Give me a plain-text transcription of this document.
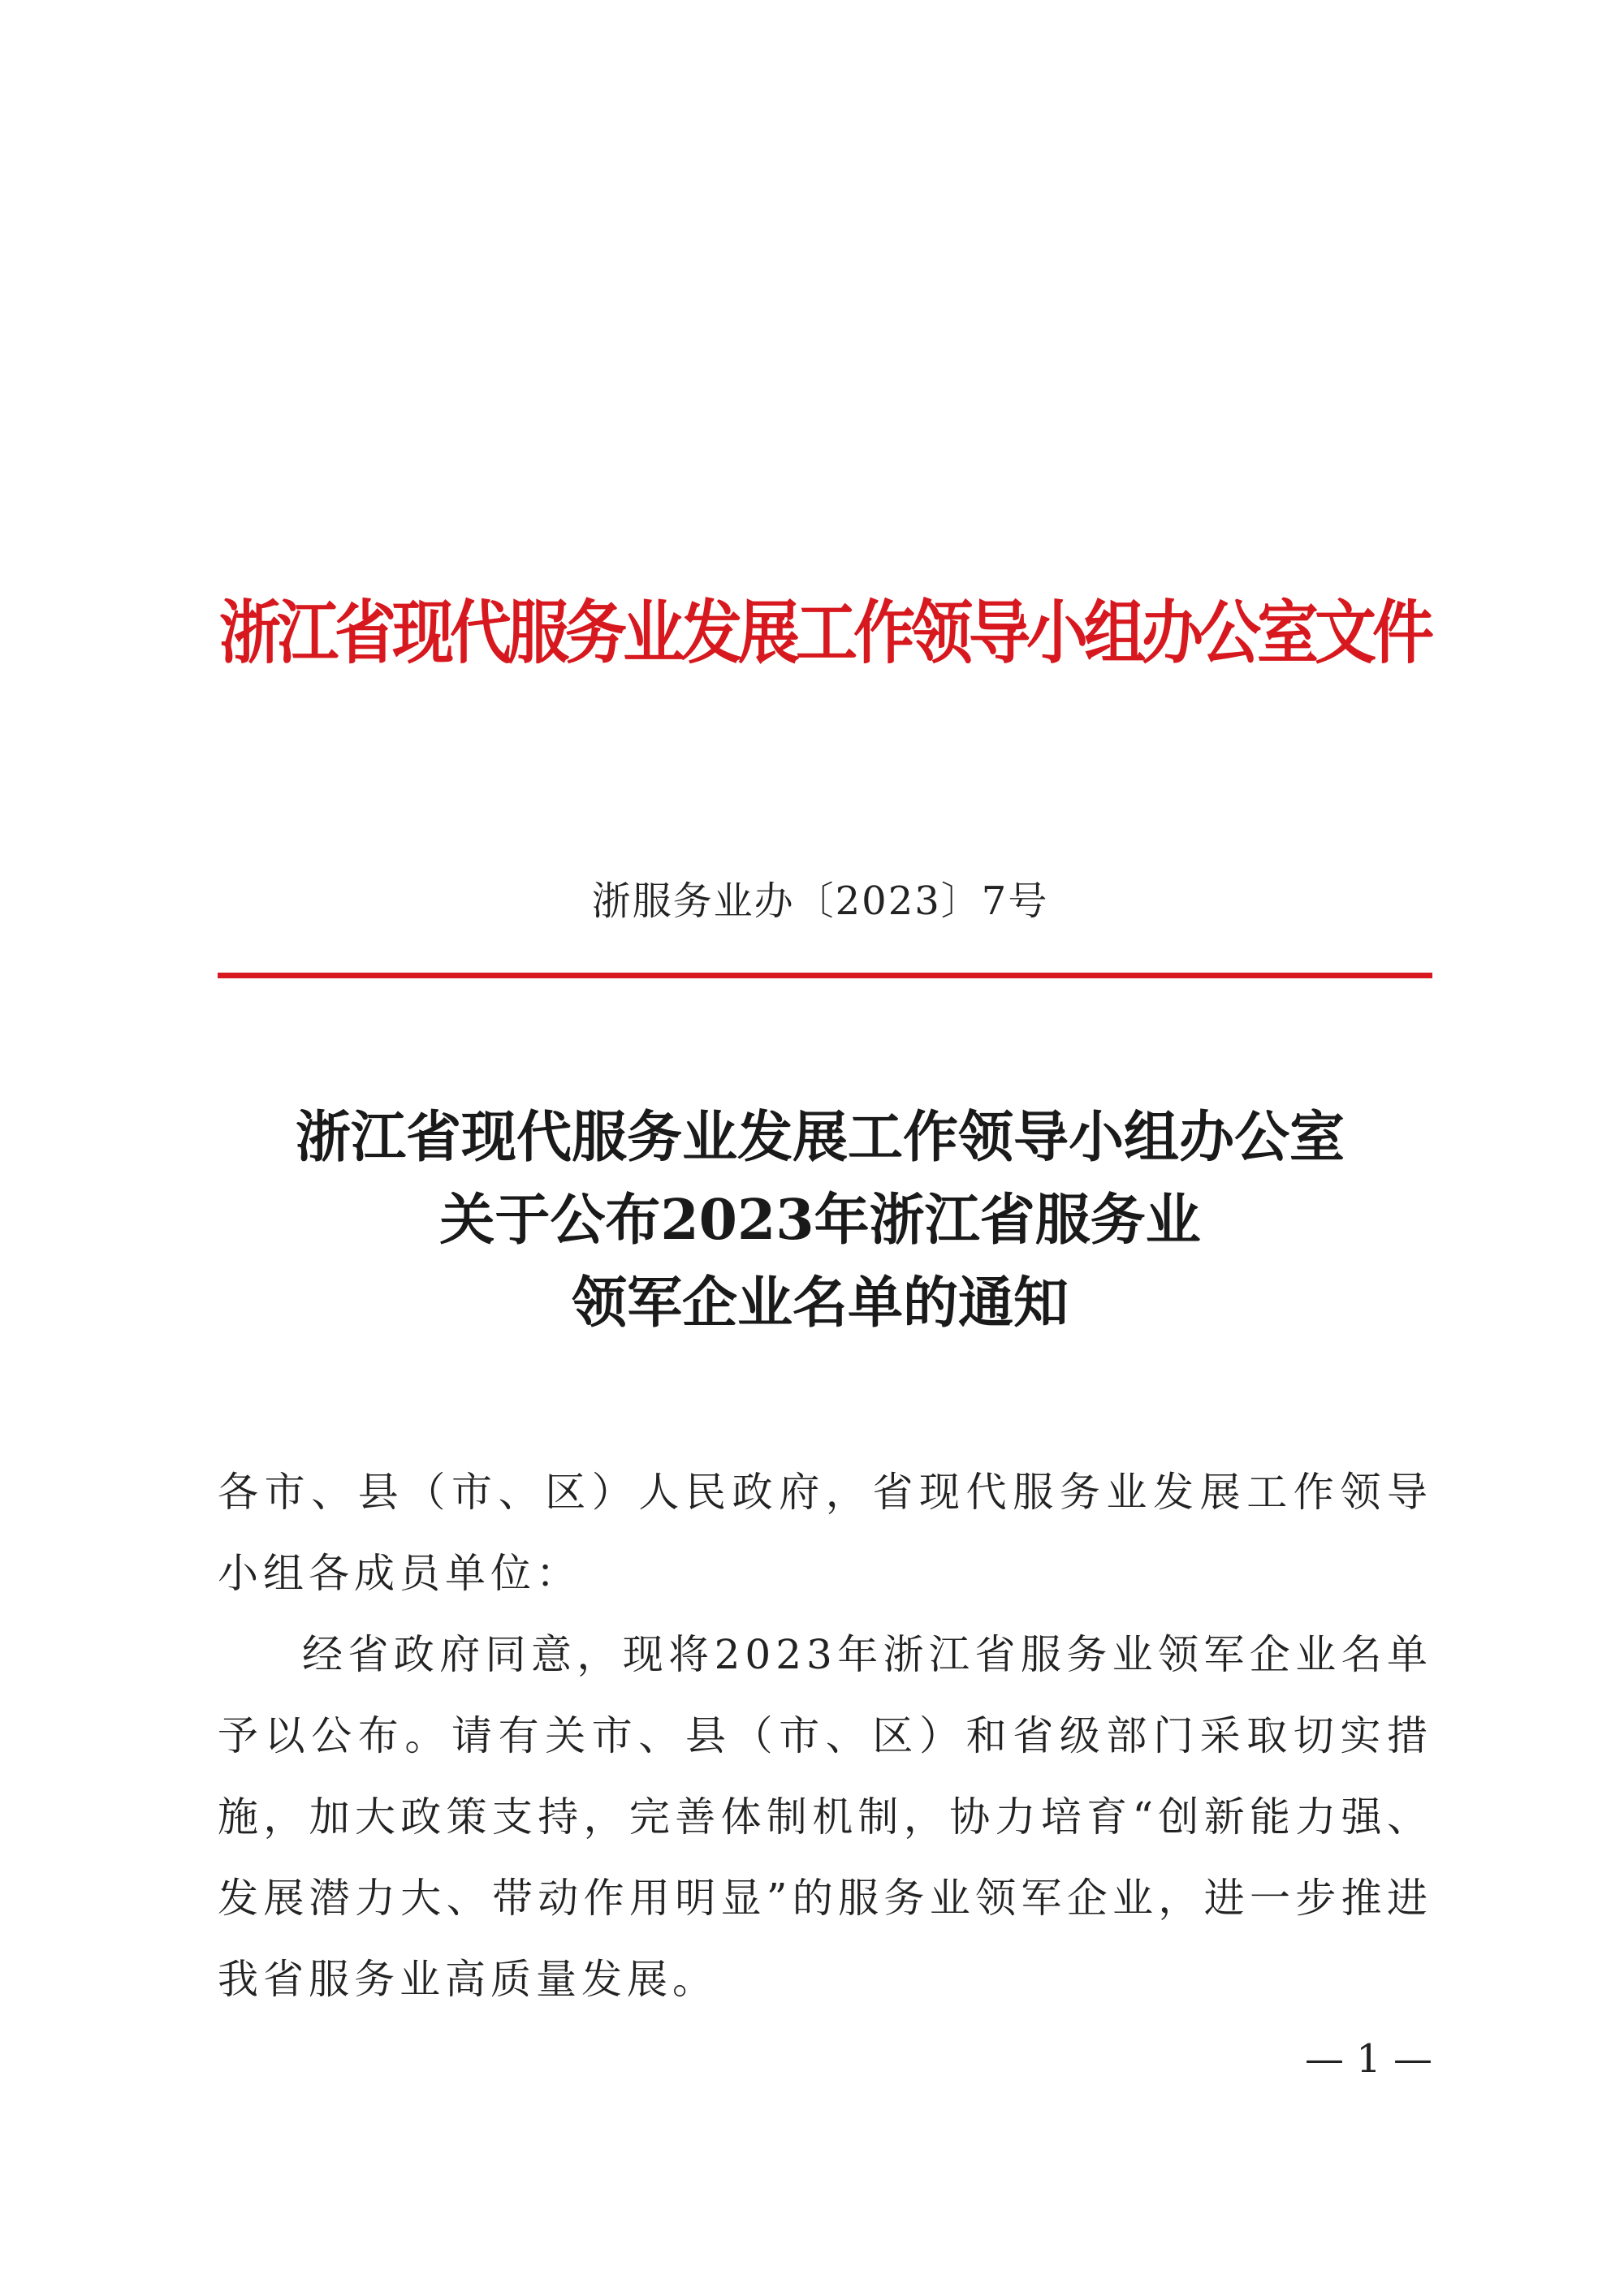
浙江省现代服务业发展工作领导小组办公室文件
浙服务业办〔2023〕7号
浙江省现代服务业发展工作领导小组办公室
关于公布2023年浙江省服务业
领军企业名单的通知

各市、县（市、区）人民政府，省现代服务业发展工作领导小组各成员单位：

经省政府同意，现将2023年浙江省服务业领军企业名单予以公布。请有关市、县（市、区）和省级部门采取切实措施，加大政策支持，完善体制机制，协力培育“创新能力强、发展潜力大、带动作用明显”的服务业领军企业，进一步推进我省服务业高质量发展。

— 1 —
